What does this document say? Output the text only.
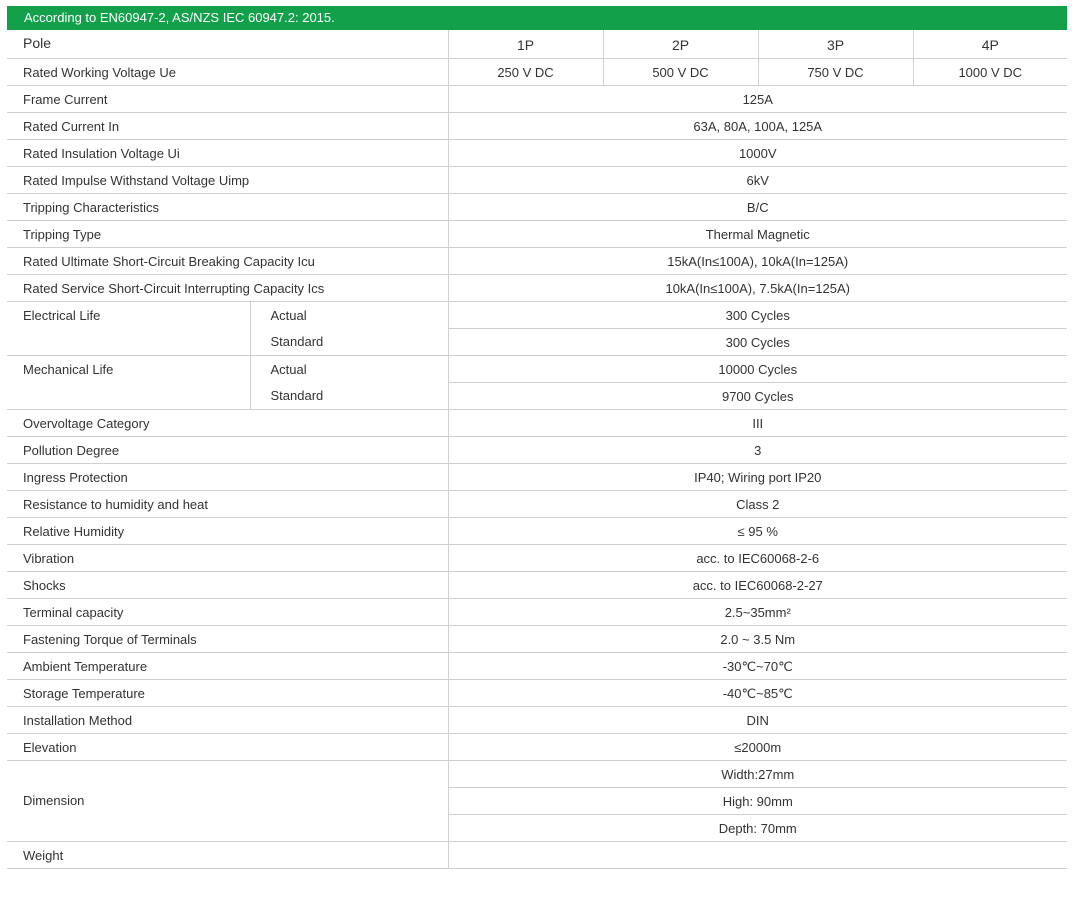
According to EN60947-2, AS/NZS IEC 60947.2: 2015.
Pole		1P	2P	3P	4P
Rated Working Voltage Ue		250 V DC	500 V DC	750 V DC	1000 V DC
Frame Current		125A			
Rated Current In		63A, 80A, 100A, 125A			
Rated Insulation Voltage Ui		1000V			
Rated Impulse Withstand Voltage Uimp		6kV			
Tripping Characteristics		B/C			
Tripping Type		Thermal Magnetic			
Rated Ultimate Short-Circuit Breaking Capacity Icu		15kA(In≤100A), 10kA(In=125A)			
Rated Service Short-Circuit Interrupting Capacity Ics		10kA(In≤100A), 7.5kA(In=125A)			
Electrical Life	Actual	300 Cycles			
	Standard	300 Cycles			
Mechanical Life	Actual	10000 Cycles			
	Standard	9700 Cycles			
Overvoltage Category		III			
Pollution Degree		3			
Ingress Protection		IP40; Wiring port IP20			
Resistance to humidity and heat		Class 2			
Relative Humidity		≤ 95 %			
Vibration		acc. to IEC60068-2-6			
Shocks		acc. to IEC60068-2-27			
Terminal capacity		2.5~35mm²			
Fastening Torque of Terminals		2.0 ~ 3.5 Nm			
Ambient Temperature		-30℃~70℃			
Storage Temperature		-40℃~85℃			
Installation Method		DIN			
Elevation		≤2000m			
Dimension		Width:27mm			
		High: 90mm			
		Depth: 70mm			
Weight					
